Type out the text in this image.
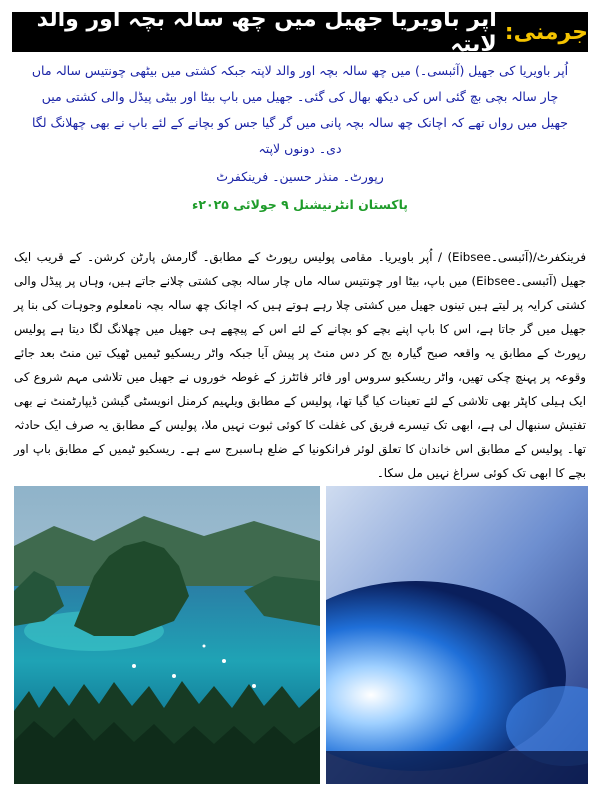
جرمنی:
اُپر باویریا جھیل میں چھ سالہ بچہ اور والد لاپتہ

اُپر باویریا کی جھیل (آئبسی۔) میں چھ سالہ بچہ اور والد لاپتہ جبکہ کشتی میں بیٹھی چونتیس سالہ ماں چار سالہ بچی بچ گئی اس کی دیکھ بھال کی گئی۔ جھیل میں باپ بیٹا اور بیٹی پیڈل والی کشتی میں جھیل میں رواں تھے کہ اچانک چھ سالہ بچہ پانی میں گر گیا جس کو بچانے کے لئے باپ نے بھی چھلانگ لگا دی۔ دونوں لاپتہ

رپورٹ۔ منذر حسین۔ فرینکفرٹ

پاکستان انٹرنیشنل ۹ جولائی ۲۰۲۵ء

فرینکفرٹ/(آئبسی۔Eibsee) / اُپر باویریا۔ مقامی پولیس رپورٹ کے مطابق۔ گارمش پارٹن کرشن۔ کے قریب ایک جھیل (آئبسی۔Eibsee) میں باپ، بیٹا اور چونتیس سالہ ماں چار سالہ بچی کشتی چلانے جاتے ہیں، وہاں پر پیڈل والی کشتی کرایہ پر لیتے ہیں تینوں جھیل میں کشتی چلا رہے ہوتے ہیں کہ اچانک چھ سالہ بچہ نامعلوم وجوہات کی بنا پر جھیل میں گر جاتا ہے، اس کا باپ اپنے بچے کو بچانے کے لئے اس کے پیچھے ہی جھیل میں چھلانگ لگا دیتا ہے پولیس رپورٹ کے مطابق یہ واقعہ صبح گیارہ بج کر دس منٹ پر پیش آیا جبکہ واٹر ریسکیو ٹیمیں ٹھیک تین منٹ بعد جائے وقوعہ پر پہنچ چکی تھیں، واٹر ریسکیو سروس اور فائر فائٹرز کے غوطہ خوروں نے جھیل میں تلاشی مہم شروع کی ایک ہیلی کاپٹر بھی تلاشی کے لئے تعینات کیا گیا تھا، پولیس کے مطابق ویلہیم کرمنل انویسٹی گیشن ڈیپارٹمنٹ نے بھی تفتیش سنبھال لی ہے، ابھی تک تیسرے فریق کی غفلت کا کوئی ثبوت نہیں ملا، پولیس کے مطابق یہ صرف ایک حادثہ تھا۔ پولیس کے مطابق اس خاندان کا تعلق لوئر فرانکونیا کے ضلع ہاسبرج سے ہے۔ ریسکیو ٹیمیں کے مطابق باپ اور بچے کا ابھی تک کوئی سراغ نہیں مل سکا۔
